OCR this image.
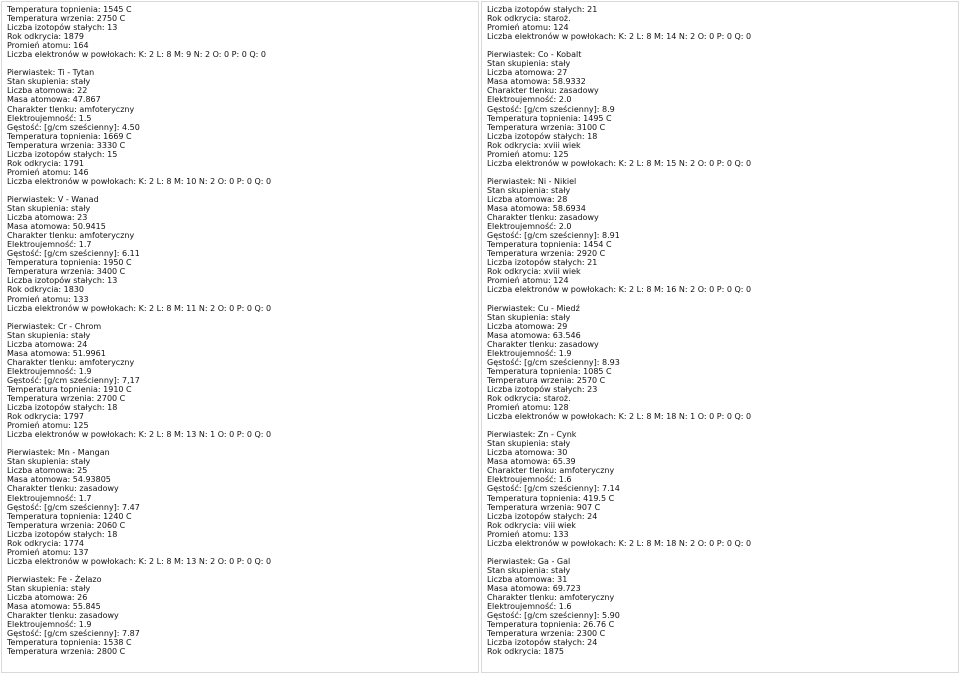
Temperatura topnienia: 1545 C
Temperatura wrzenia: 2750 C
Liczba izotopów stałych: 13
Rok odkrycia: 1879
Promień atomu: 164
Liczba elektronów w powłokach: K: 2 L: 8 M: 9 N: 2 O: 0 P: 0 Q: 0
Pierwiastek: Ti - Tytan
Stan skupienia: stały
Liczba atomowa: 22
Masa atomowa: 47.867
Charakter tlenku: amfoteryczny
Elektroujemność: 1.5
Gęstość: [g/cm sześcienny]: 4.50
Temperatura topnienia: 1669 C
Temperatura wrzenia: 3330 C
Liczba izotopów stałych: 15
Rok odkrycia: 1791
Promień atomu: 146
Liczba elektronów w powłokach: K: 2 L: 8 M: 10 N: 2 O: 0 P: 0 Q: 0
Pierwiastek: V - Wanad
Stan skupienia: stały
Liczba atomowa: 23
Masa atomowa: 50.9415
Charakter tlenku: amfoteryczny
Elektroujemność: 1.7
Gęstość: [g/cm sześcienny]: 6.11
Temperatura topnienia: 1950 C
Temperatura wrzenia: 3400 C
Liczba izotopów stałych: 13
Rok odkrycia: 1830
Promień atomu: 133
Liczba elektronów w powłokach: K: 2 L: 8 M: 11 N: 2 O: 0 P: 0 Q: 0
Pierwiastek: Cr - Chrom
Stan skupienia: stały
Liczba atomowa: 24
Masa atomowa: 51.9961
Charakter tlenku: amfoteryczny
Elektroujemność: 1.9
Gęstość: [g/cm sześcienny]: 7,17
Temperatura topnienia: 1910 C
Temperatura wrzenia: 2700 C
Liczba izotopów stałych: 18
Rok odkrycia: 1797
Promień atomu: 125
Liczba elektronów w powłokach: K: 2 L: 8 M: 13 N: 1 O: 0 P: 0 Q: 0
Pierwiastek: Mn - Mangan
Stan skupienia: stały
Liczba atomowa: 25
Masa atomowa: 54.93805
Charakter tlenku: zasadowy
Elektroujemność: 1.7
Gęstość: [g/cm sześcienny]: 7.47
Temperatura topnienia: 1240 C
Temperatura wrzenia: 2060 C
Liczba izotopów stałych: 18
Rok odkrycia: 1774
Promień atomu: 137
Liczba elektronów w powłokach: K: 2 L: 8 M: 13 N: 2 O: 0 P: 0 Q: 0
Pierwiastek: Fe - Żelazo
Stan skupienia: stały
Liczba atomowa: 26
Masa atomowa: 55.845
Charakter tlenku: zasadowy
Elektroujemność: 1.9
Gęstość: [g/cm sześcienny]: 7.87
Temperatura topnienia: 1538 C
Temperatura wrzenia: 2800 C
Liczba izotopów stałych: 21
Rok odkrycia: staroż.
Promień atomu: 124
Liczba elektronów w powłokach: K: 2 L: 8 M: 14 N: 2 O: 0 P: 0 Q: 0
Pierwiastek: Co - Kobalt
Stan skupienia: stały
Liczba atomowa: 27
Masa atomowa: 58.9332
Charakter tlenku: zasadowy
Elektroujemność: 2.0
Gęstość: [g/cm sześcienny]: 8.9
Temperatura topnienia: 1495 C
Temperatura wrzenia: 3100 C
Liczba izotopów stałych: 18
Rok odkrycia: xviii wiek
Promień atomu: 125
Liczba elektronów w powłokach: K: 2 L: 8 M: 15 N: 2 O: 0 P: 0 Q: 0
Pierwiastek: Ni - Nikiel
Stan skupienia: stały
Liczba atomowa: 28
Masa atomowa: 58.6934
Charakter tlenku: zasadowy
Elektroujemność: 2.0
Gęstość: [g/cm sześcienny]: 8.91
Temperatura topnienia: 1454 C
Temperatura wrzenia: 2920 C
Liczba izotopów stałych: 21
Rok odkrycia: xviii wiek
Promień atomu: 124
Liczba elektronów w powłokach: K: 2 L: 8 M: 16 N: 2 O: 0 P: 0 Q: 0
Pierwiastek: Cu - Miedź
Stan skupienia: stały
Liczba atomowa: 29
Masa atomowa: 63.546
Charakter tlenku: zasadowy
Elektroujemność: 1.9
Gęstość: [g/cm sześcienny]: 8.93
Temperatura topnienia: 1085 C
Temperatura wrzenia: 2570 C
Liczba izotopów stałych: 23
Rok odkrycia: staroż.
Promień atomu: 128
Liczba elektronów w powłokach: K: 2 L: 8 M: 18 N: 1 O: 0 P: 0 Q: 0
Pierwiastek: Zn - Cynk
Stan skupienia: stały
Liczba atomowa: 30
Masa atomowa: 65.39
Charakter tlenku: amfoteryczny
Elektroujemność: 1.6
Gęstość: [g/cm sześcienny]: 7.14
Temperatura topnienia: 419.5 C
Temperatura wrzenia: 907 C
Liczba izotopów stałych: 24
Rok odkrycia: viii wiek
Promień atomu: 133
Liczba elektronów w powłokach: K: 2 L: 8 M: 18 N: 2 O: 0 P: 0 Q: 0
Pierwiastek: Ga - Gal
Stan skupienia: stały
Liczba atomowa: 31
Masa atomowa: 69.723
Charakter tlenku: amfoteryczny
Elektroujemność: 1.6
Gęstość: [g/cm sześcienny]: 5.90
Temperatura topnienia: 26.76 C
Temperatura wrzenia: 2300 C
Liczba izotopów stałych: 24
Rok odkrycia: 1875
